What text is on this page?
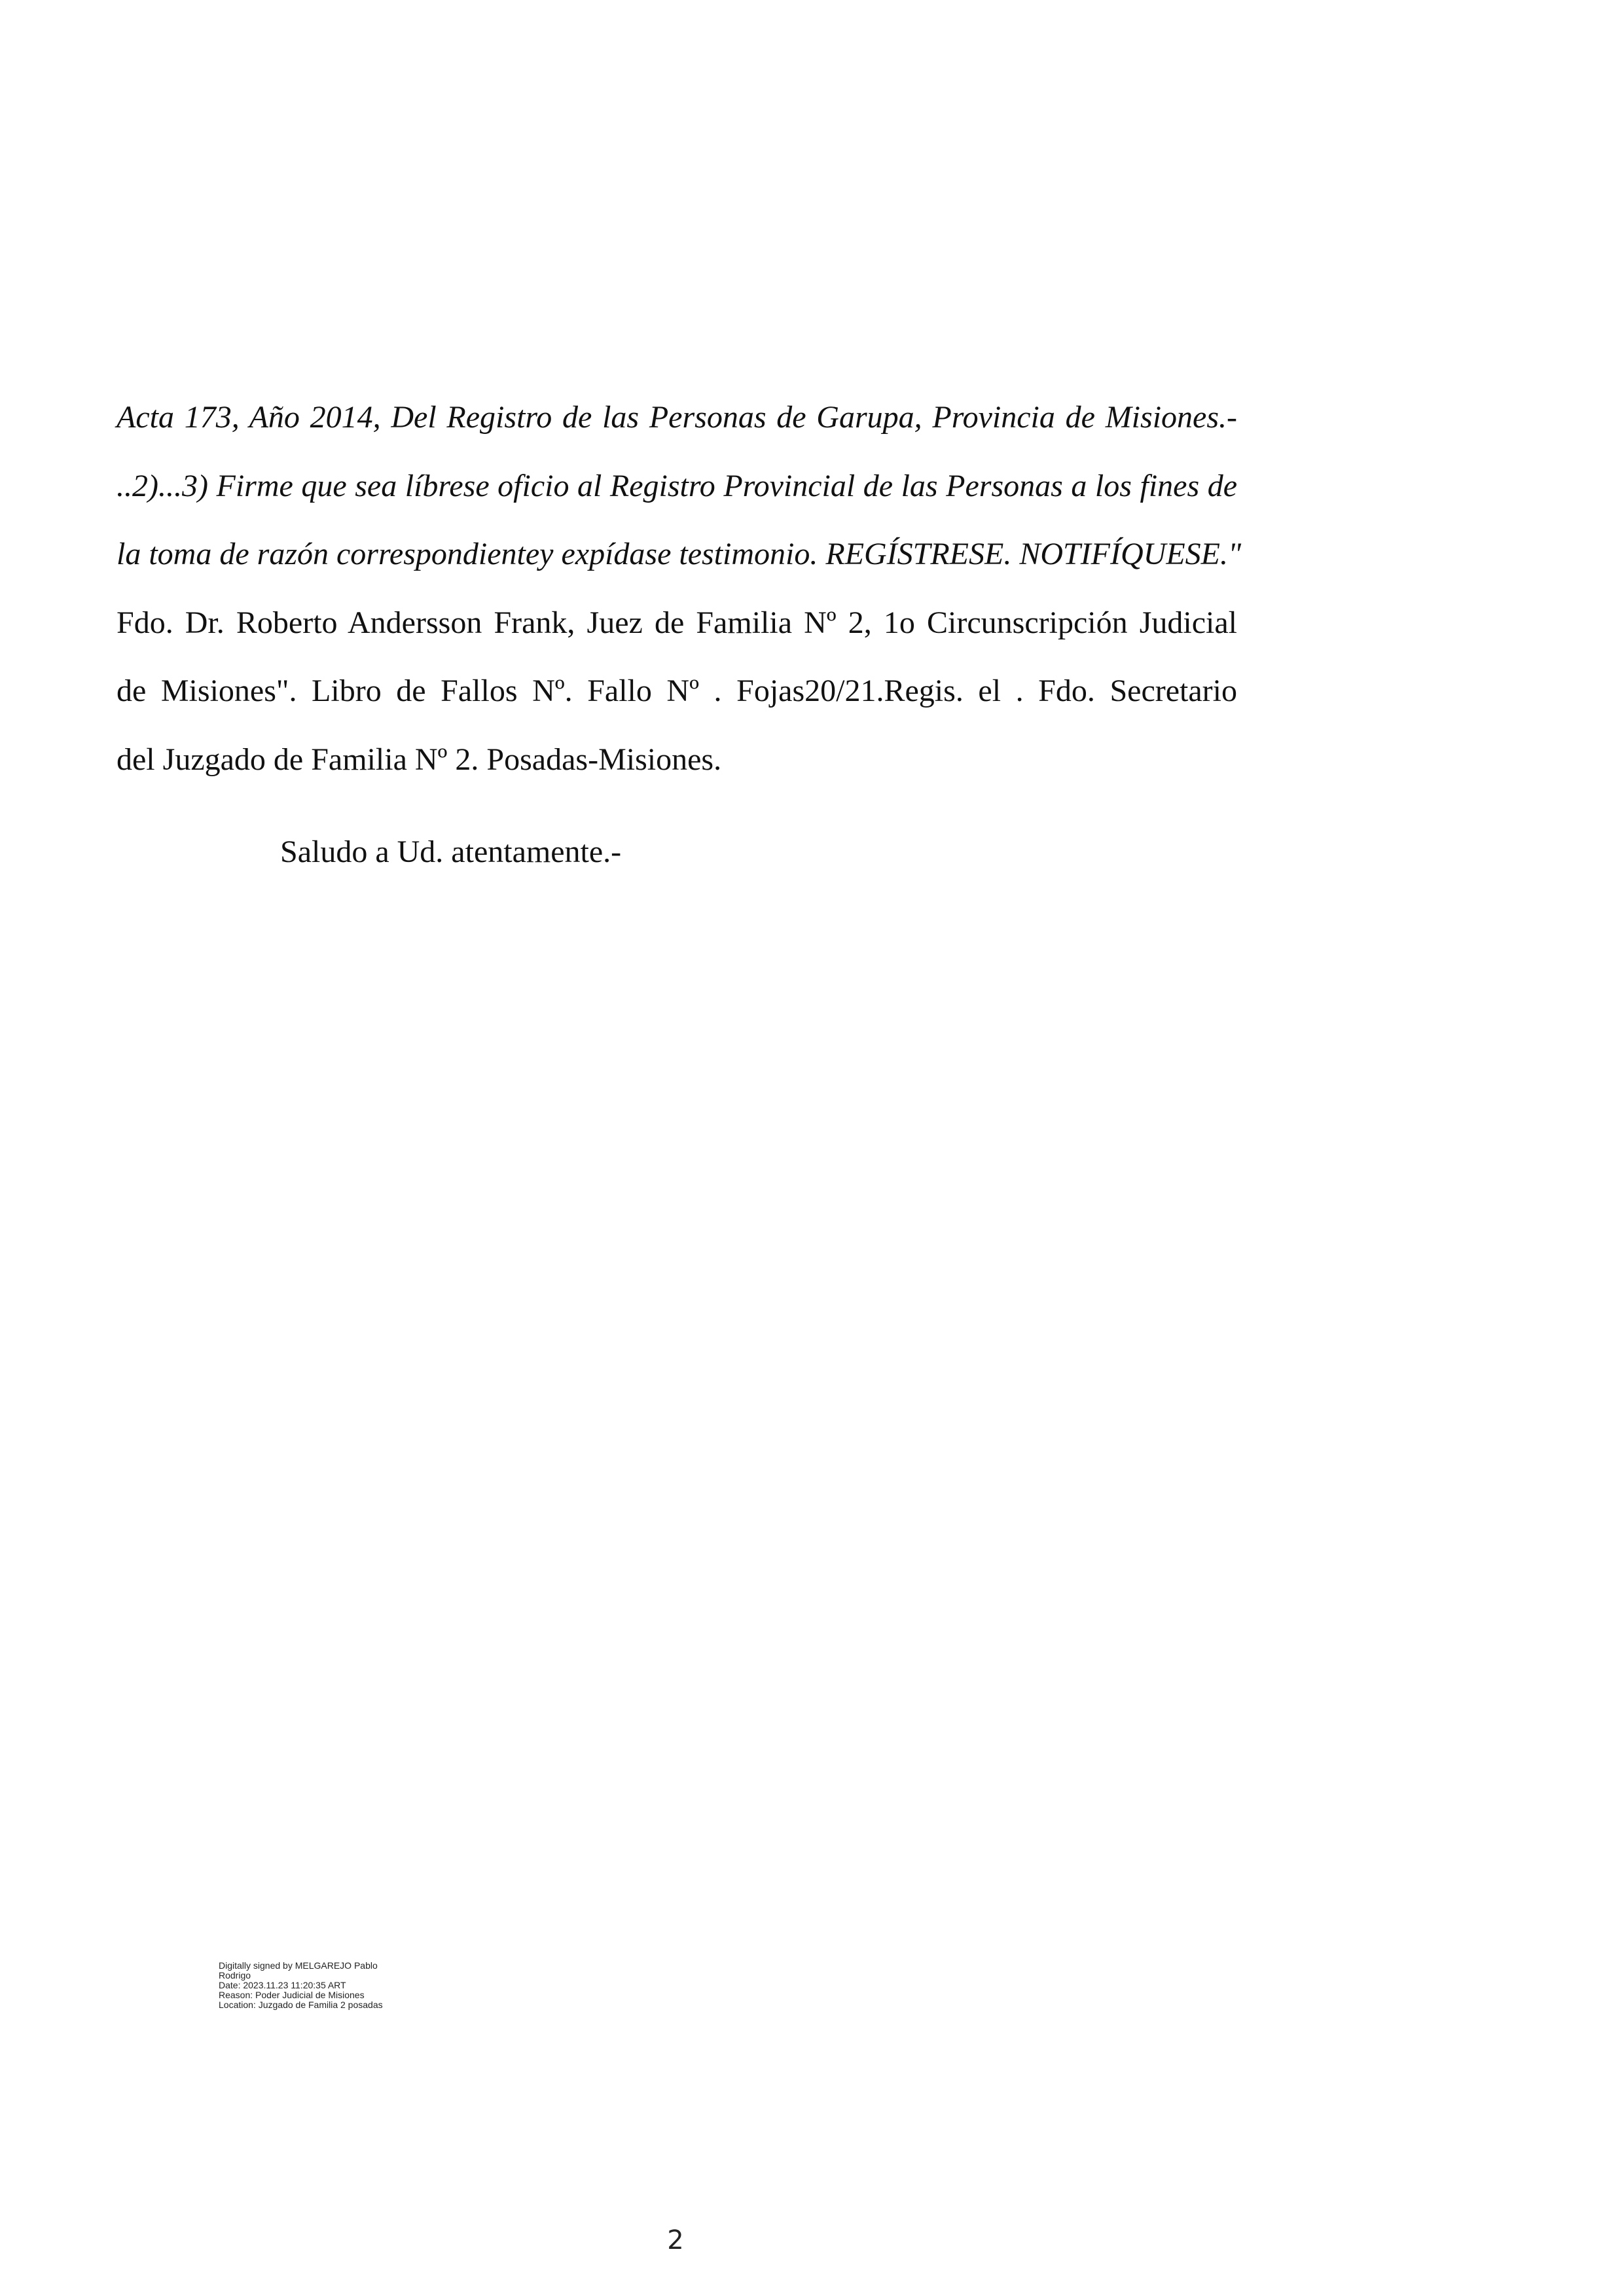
Acta 173, Año 2014, Del Registro de las Personas de Garupa, Provincia de Misiones.-

..2)...3) Firme que sea líbrese oficio al Registro Provincial de las Personas a los fines de

la toma de razón correspondientey expídase testimonio. REGÍSTRESE. NOTIFÍQUESE."

Fdo. Dr. Roberto Andersson Frank, Juez de Familia Nº 2, 1o Circunscripción Judicial

de Misiones". Libro de Fallos Nº. Fallo Nº . Fojas20/21.Regis. el . Fdo. Secretario

del Juzgado de Familia Nº 2. Posadas-Misiones.

Saludo a Ud. atentamente.-

Digitally signed by MELGAREJO Pablo
Rodrigo
Date: 2023.11.23 11:20:35 ART
Reason: Poder Judicial de Misiones
Location: Juzgado de Familia 2 posadas
2
